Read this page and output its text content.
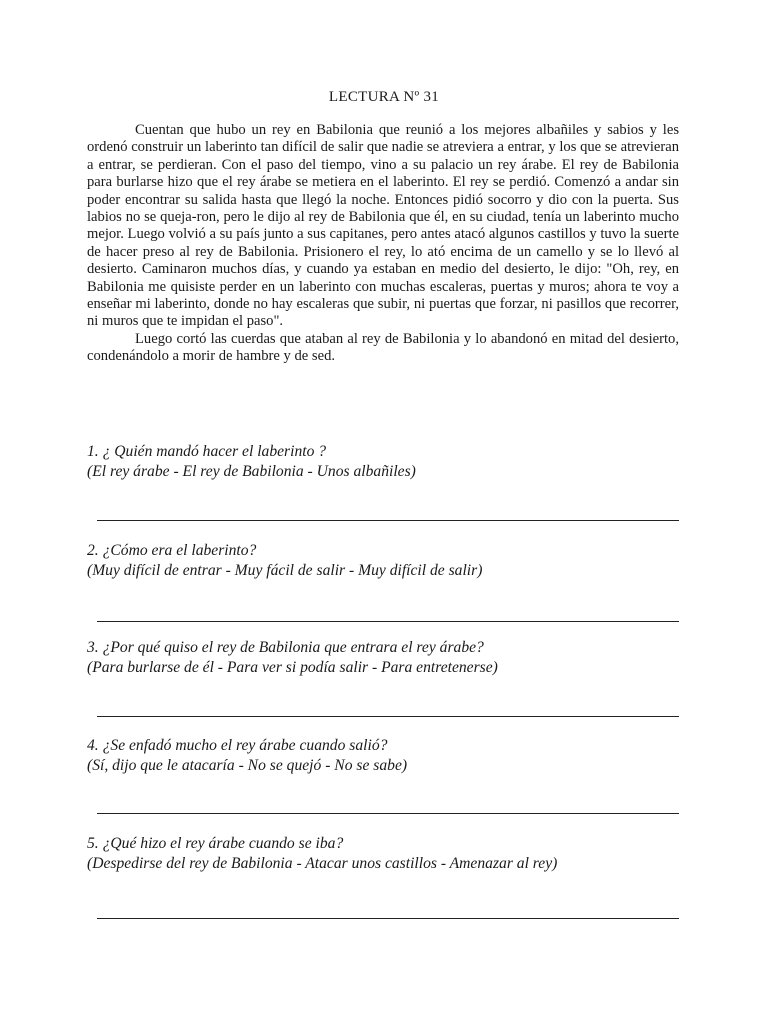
LECTURA Nº 31

Cuentan que hubo un rey en Babilonia que reunió a los mejores albañiles y sabios y les ordenó construir un laberinto tan difícil de salir que nadie se atreviera a entrar, y los que se atrevieran a entrar, se perdieran. Con el paso del tiempo, vino a su palacio un rey árabe. El rey de Babilonia para burlarse hizo que el rey árabe se metiera en el laberinto. El rey se perdió. Comenzó a andar sin poder encontrar su salida hasta que llegó la noche. Entonces pidió socorro y dio con la puerta. Sus labios no se queja-ron, pero le dijo al rey de Babilonia que él, en su ciudad, tenía un laberinto mucho mejor. Luego volvió a su país junto a sus capitanes, pero antes atacó algunos castillos y tuvo la suerte de hacer preso al rey de Babilonia. Prisionero el rey, lo ató encima de un camello y se lo llevó al desierto. Caminaron muchos días, y cuando ya estaban en medio del desierto, le dijo: "Oh, rey, en Babilonia me quisiste perder en un laberinto con muchas escaleras, puertas y muros; ahora te voy a enseñar mi laberinto, donde no hay escaleras que subir, ni puertas que forzar, ni pasillos que recorrer, ni muros que te impidan el paso".

Luego cortó las cuerdas que ataban al rey de Babilonia y lo abandonó en mitad del desierto, condenándolo a morir de hambre y de sed.

1. ¿ Quién mandó hacer el laberinto ?
(El rey árabe - El rey de Babilonia - Unos albañiles)
2. ¿Cómo era el laberinto?
(Muy difícil de entrar - Muy fácil de salir - Muy difícil de salir)
3. ¿Por qué quiso el rey de Babilonia que entrara el rey árabe?
(Para burlarse de él - Para ver si podía salir - Para entretenerse)
4. ¿Se enfadó mucho el rey árabe cuando salió?
(Sí, dijo que le atacaría - No se quejó - No se sabe)
5. ¿Qué hizo el rey árabe cuando se iba?
(Despedirse del rey de Babilonia - Atacar unos castillos - Amenazar al rey)
